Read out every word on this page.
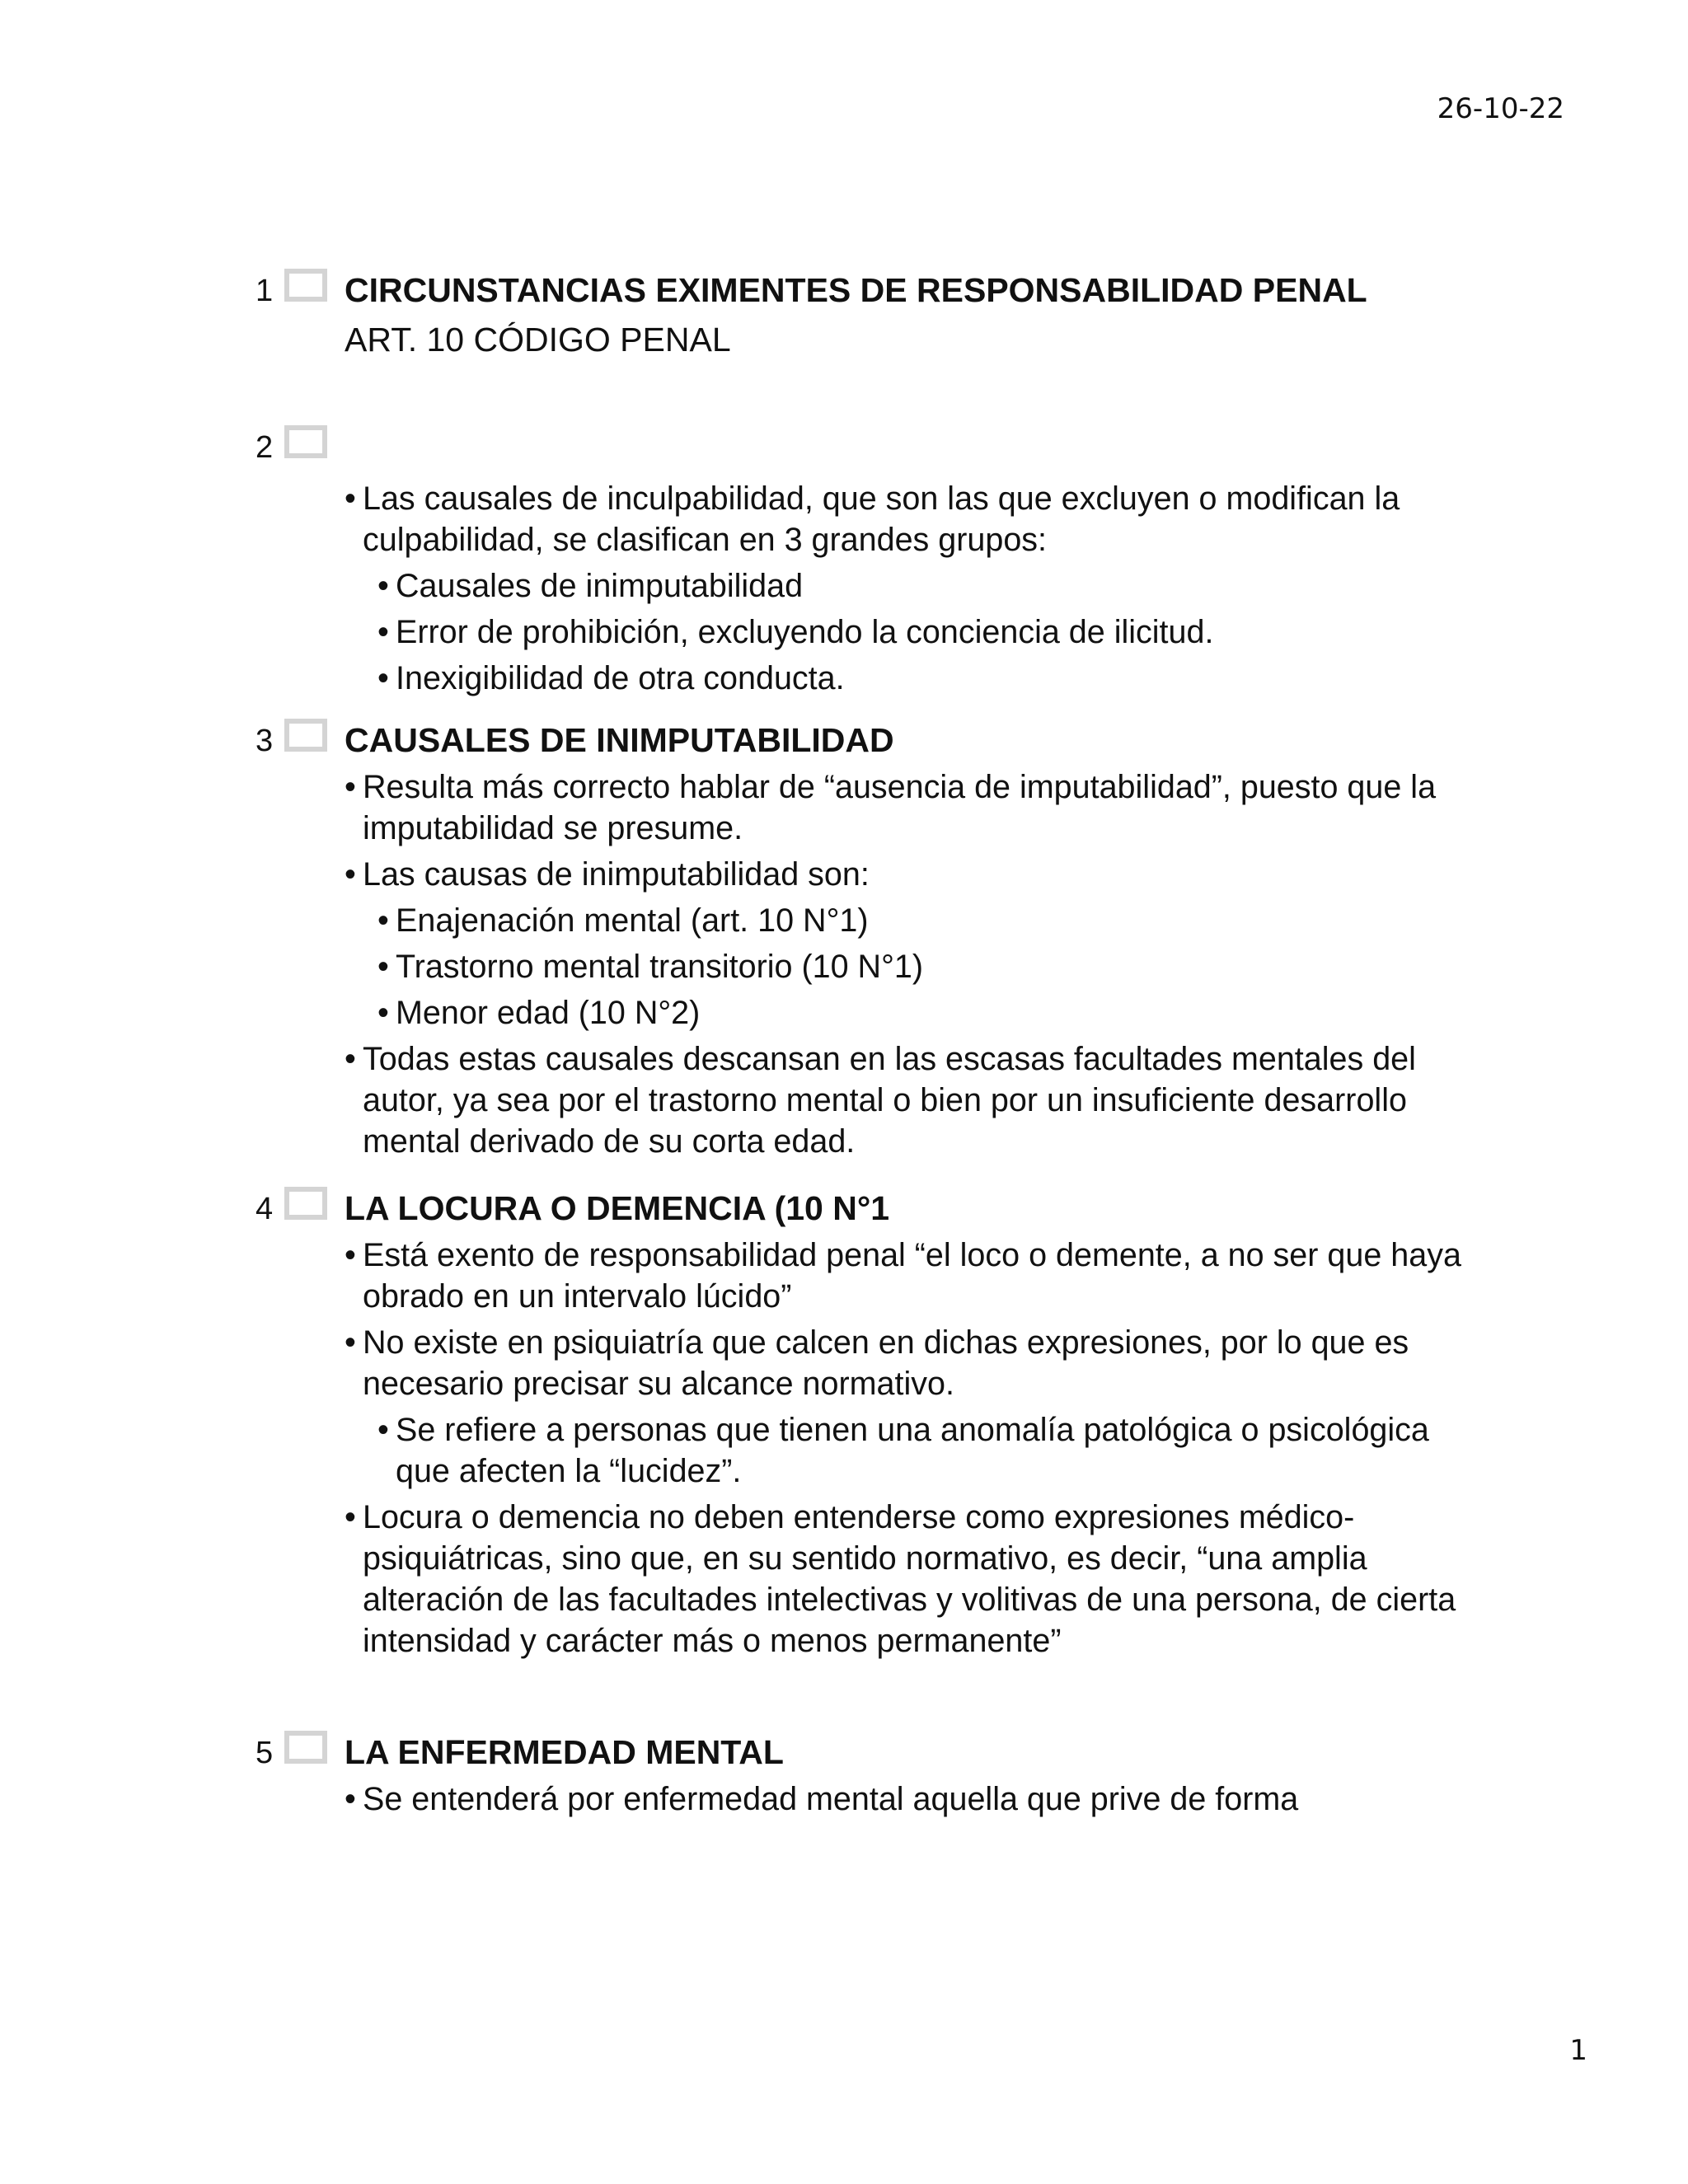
26-10-22
1 CIRCUNSTANCIAS EXIMENTES DE RESPONSABILIDAD PENAL

ART. 10 CÓDIGO PENAL

2
• Las causales de inculpabilidad, que son las que excluyen o modifican la culpabilidad, se clasifican en 3 grandes grupos:
• Causales de inimputabilidad
• Error de prohibición, excluyendo la conciencia de ilicitud.
• Inexigibilidad de otra conducta.
3 CAUSALES DE INIMPUTABILIDAD

• Resulta más correcto hablar de “ausencia de imputabilidad”, puesto que la imputabilidad se presume.
• Las causas de inimputabilidad son:
• Enajenación mental (art. 10 N°1)
• Trastorno mental transitorio (10 N°1)
• Menor edad (10 N°2)
• Todas estas causales descansan en las escasas facultades mentales del autor, ya sea por el trastorno mental o bien por un insuficiente desarrollo mental derivado de su corta edad.
4 LA LOCURA O DEMENCIA (10 N°1

• Está exento de responsabilidad penal “el loco o demente, a no ser que haya obrado en un intervalo lúcido”
• No existe en psiquiatría que calcen en dichas expresiones, por lo que es necesario precisar su alcance normativo.
• Se refiere a personas que tienen una anomalía patológica o psicológica que afecten la “lucidez”.
• Locura o demencia no deben entenderse como expresiones médico-psiquiátricas, sino que, en su sentido normativo, es decir, “una amplia alteración de las facultades intelectivas y volitivas de una persona, de cierta intensidad y carácter más o menos permanente”
5 LA ENFERMEDAD MENTAL

• Se entenderá por enfermedad mental aquella que prive de forma
1
